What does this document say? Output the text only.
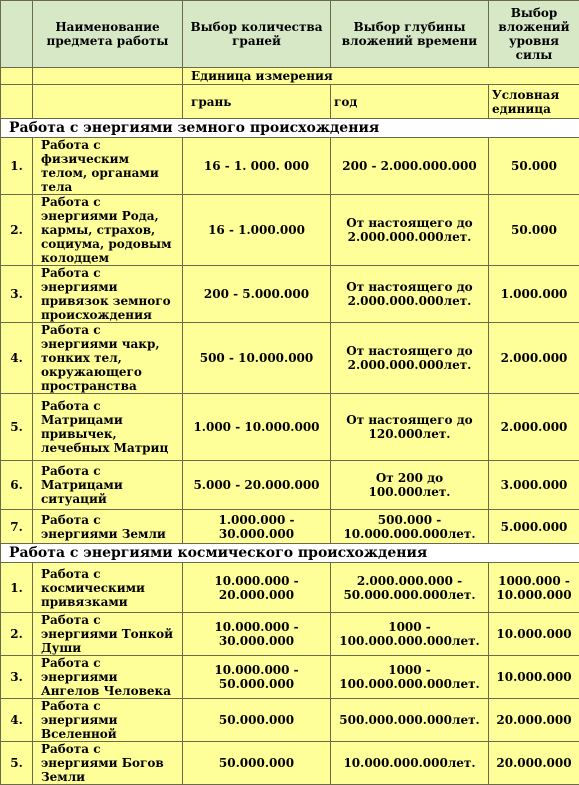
	Наименование предмета работы	Выбор количества граней	Выбор глубины вложений времени	Выбор вложений уровня силы
		Единица измерения		
		грань	год	Условная единица
Работа с энергиями земного происхождения				
1.	Работа с физическим телом, органами тела	16 - 1. 000. 000	200 - 2.000.000.000	50.000
2.	Работа с энергиями Рода, кармы, страхов, социума, родовым колодцем	16 - 1.000.000	От настоящего до 2.000.000.000лет.	50.000
3.	Работа с энергиями привязок земного происхождения	200 - 5.000.000	От настоящего до 2.000.000.000лет.	1.000.000
4.	Работа с энергиями чакр, тонких тел, окружающего пространства	500 - 10.000.000	От настоящего до 2.000.000.000лет.	2.000.000
5.	Работа с Матрицами привычек, лечебных Матриц	1.000 - 10.000.000	От настоящего до 120.000лет.	2.000.000
6.	Работа с Матрицами ситуаций	5.000 - 20.000.000	От 200 до 100.000лет.	3.000.000
7.	Работа с энергиями Земли	1.000.000 - 30.000.000	500.000 - 10.000.000.000лет.	5.000.000
Работа с энергиями космического происхождения				
1.	Работа с космическими привязками	10.000.000 - 20.000.000	2.000.000.000 - 50.000.000.000лет.	1000.000 - 10.000.000
2.	Работа с энергиями Тонкой Души	10.000.000 - 30.000.000	1000 - 100.000.000.000лет.	10.000.000
3.	Работа с энергиями Ангелов Человека	10.000.000 - 50.000.000	1000 - 100.000.000.000лет.	10.000.000
4.	Работа с энергиями Вселенной	50.000.000	500.000.000.000лет.	20.000.000
5.	Работа с энергиями Богов Земли	50.000.000	10.000.000.000лет.	20.000.000
